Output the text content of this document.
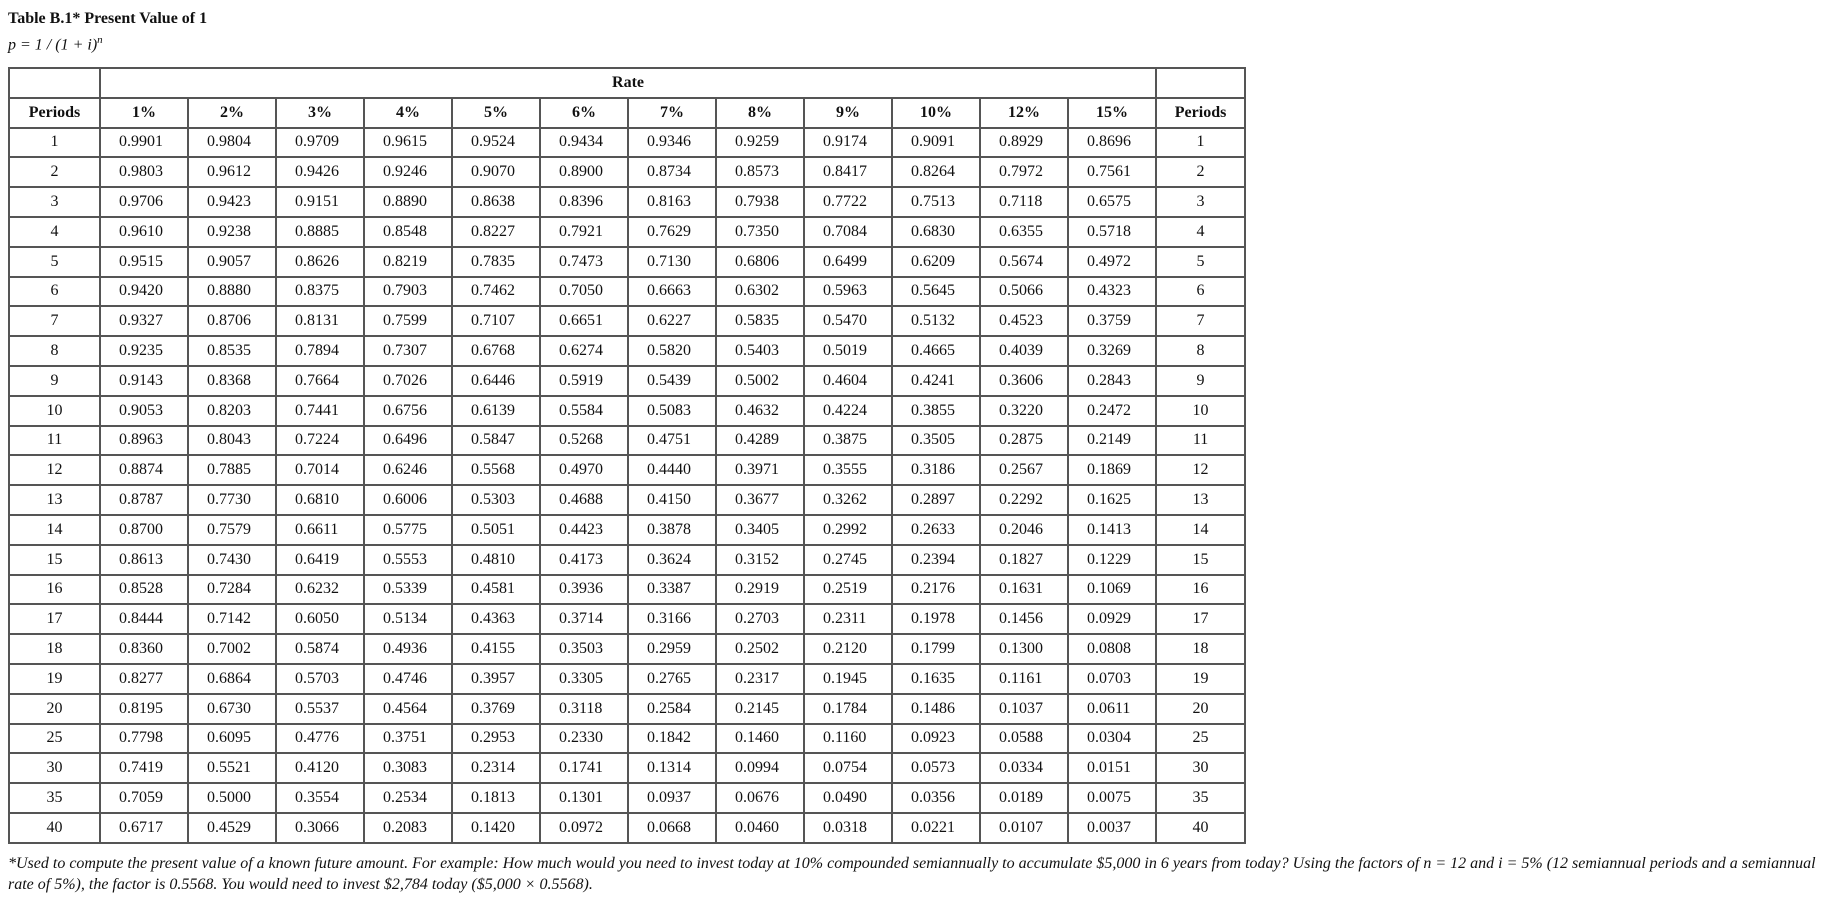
Table B.1* Present Value of 1
$p = 1 / (1 + i)^n$
	Rate												
Periods	1%	2%	3%	4%	5%	6%	7%	8%	9%	10%	12%	15%	Periods
1	0.9901	0.9804	0.9709	0.9615	0.9524	0.9434	0.9346	0.9259	0.9174	0.9091	0.8929	0.8696	1
2	0.9803	0.9612	0.9426	0.9246	0.9070	0.8900	0.8734	0.8573	0.8417	0.8264	0.7972	0.7561	2
3	0.9706	0.9423	0.9151	0.8890	0.8638	0.8396	0.8163	0.7938	0.7722	0.7513	0.7118	0.6575	3
4	0.9610	0.9238	0.8885	0.8548	0.8227	0.7921	0.7629	0.7350	0.7084	0.6830	0.6355	0.5718	4
5	0.9515	0.9057	0.8626	0.8219	0.7835	0.7473	0.7130	0.6806	0.6499	0.6209	0.5674	0.4972	5
6	0.9420	0.8880	0.8375	0.7903	0.7462	0.7050	0.6663	0.6302	0.5963	0.5645	0.5066	0.4323	6
7	0.9327	0.8706	0.8131	0.7599	0.7107	0.6651	0.6227	0.5835	0.5470	0.5132	0.4523	0.3759	7
8	0.9235	0.8535	0.7894	0.7307	0.6768	0.6274	0.5820	0.5403	0.5019	0.4665	0.4039	0.3269	8
9	0.9143	0.8368	0.7664	0.7026	0.6446	0.5919	0.5439	0.5002	0.4604	0.4241	0.3606	0.2843	9
10	0.9053	0.8203	0.7441	0.6756	0.6139	0.5584	0.5083	0.4632	0.4224	0.3855	0.3220	0.2472	10
11	0.8963	0.8043	0.7224	0.6496	0.5847	0.5268	0.4751	0.4289	0.3875	0.3505	0.2875	0.2149	11
12	0.8874	0.7885	0.7014	0.6246	0.5568	0.4970	0.4440	0.3971	0.3555	0.3186	0.2567	0.1869	12
13	0.8787	0.7730	0.6810	0.6006	0.5303	0.4688	0.4150	0.3677	0.3262	0.2897	0.2292	0.1625	13
14	0.8700	0.7579	0.6611	0.5775	0.5051	0.4423	0.3878	0.3405	0.2992	0.2633	0.2046	0.1413	14
15	0.8613	0.7430	0.6419	0.5553	0.4810	0.4173	0.3624	0.3152	0.2745	0.2394	0.1827	0.1229	15
16	0.8528	0.7284	0.6232	0.5339	0.4581	0.3936	0.3387	0.2919	0.2519	0.2176	0.1631	0.1069	16
17	0.8444	0.7142	0.6050	0.5134	0.4363	0.3714	0.3166	0.2703	0.2311	0.1978	0.1456	0.0929	17
18	0.8360	0.7002	0.5874	0.4936	0.4155	0.3503	0.2959	0.2502	0.2120	0.1799	0.1300	0.0808	18
19	0.8277	0.6864	0.5703	0.4746	0.3957	0.3305	0.2765	0.2317	0.1945	0.1635	0.1161	0.0703	19
20	0.8195	0.6730	0.5537	0.4564	0.3769	0.3118	0.2584	0.2145	0.1784	0.1486	0.1037	0.0611	20
25	0.7798	0.6095	0.4776	0.3751	0.2953	0.2330	0.1842	0.1460	0.1160	0.0923	0.0588	0.0304	25
30	0.7419	0.5521	0.4120	0.3083	0.2314	0.1741	0.1314	0.0994	0.0754	0.0573	0.0334	0.0151	30
35	0.7059	0.5000	0.3554	0.2534	0.1813	0.1301	0.0937	0.0676	0.0490	0.0356	0.0189	0.0075	35
40	0.6717	0.4529	0.3066	0.2083	0.1420	0.0972	0.0668	0.0460	0.0318	0.0221	0.0107	0.0037	40
*Used to compute the present value of a known future amount. For example: How much would you need to invest today at 10% compounded semiannually to accumulate $5,000 in 6 years from today? Using the factors of n = 12 and i = 5% (12 semiannual periods and a semiannual rate of 5%), the factor is 0.5568. You would need to invest $2,784 today ($5,000 × 0.5568).
